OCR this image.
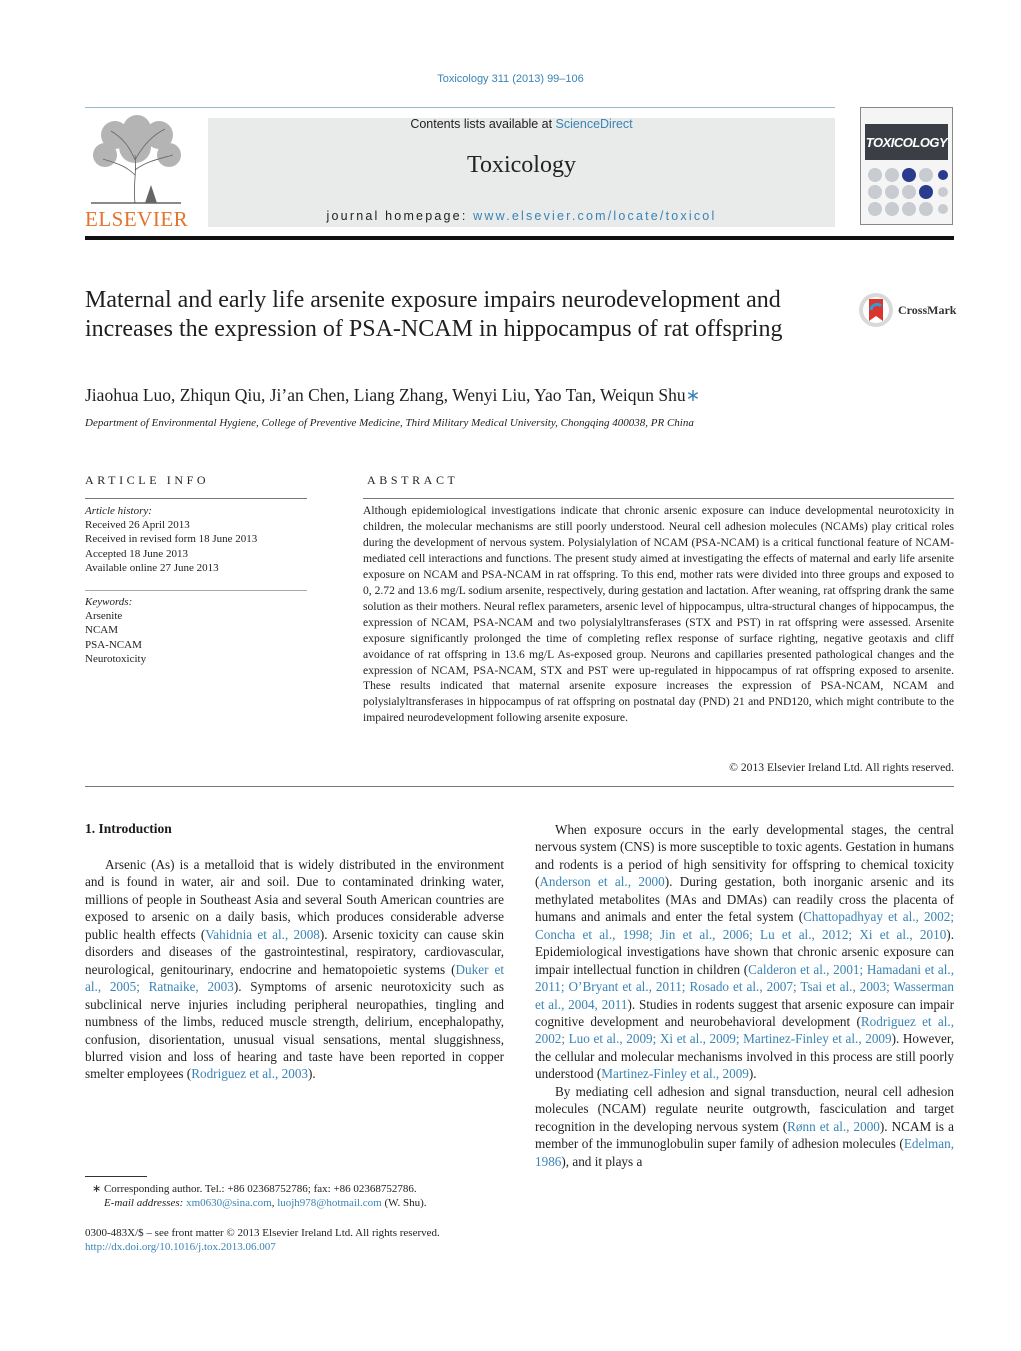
Toxicology 311 (2013) 99–106
ELSEVIER
Contents lists available at ScienceDirect
Toxicology
journal homepage: www.elsevier.com/locate/toxicol
TOXICOLOGY
Maternal and early life arsenite exposure impairs neurodevelopment and increases the expression of PSA-NCAM in hippocampus of rat offspring
CrossMark
Jiaohua Luo, Zhiqun Qiu, Ji’an Chen, Liang Zhang, Wenyi Liu, Yao Tan, Weiqun Shu∗
Department of Environmental Hygiene, College of Preventive Medicine, Third Military Medical University, Chongqing 400038, PR China
ARTICLE INFO
Article history:
Received 26 April 2013
Received in revised form 18 June 2013
Accepted 18 June 2013
Available online 27 June 2013
Keywords:
Arsenite
NCAM
PSA-NCAM
Neurotoxicity
ABSTRACT
Although epidemiological investigations indicate that chronic arsenic exposure can induce developmental neurotoxicity in children, the molecular mechanisms are still poorly understood. Neural cell adhesion molecules (NCAMs) play critical roles during the development of nervous system. Polysialylation of NCAM (PSA-NCAM) is a critical functional feature of NCAM-mediated cell interactions and functions. The present study aimed at investigating the effects of maternal and early life arsenite exposure on NCAM and PSA-NCAM in rat offspring. To this end, mother rats were divided into three groups and exposed to 0, 2.72 and 13.6 mg/L sodium arsenite, respectively, during gestation and lactation. After weaning, rat offspring drank the same solution as their mothers. Neural reflex parameters, arsenic level of hippocampus, ultra-structural changes of hippocampus, the expression of NCAM, PSA-NCAM and two polysialyltransferases (STX and PST) in rat offspring were assessed. Arsenite exposure significantly prolonged the time of completing reflex response of surface righting, negative geotaxis and cliff avoidance of rat offspring in 13.6 mg/L As-exposed group. Neurons and capillaries presented pathological changes and the expression of NCAM, PSA-NCAM, STX and PST were up-regulated in hippocampus of rat offspring exposed to arsenite. These results indicated that maternal arsenite exposure increases the expression of PSA-NCAM, NCAM and polysialyltransferases in hippocampus of rat offspring on postnatal day (PND) 21 and PND120, which might contribute to the impaired neurodevelopment following arsenite exposure.
© 2013 Elsevier Ireland Ltd. All rights reserved.
1. Introduction

Arsenic (As) is a metalloid that is widely distributed in the environment and is found in water, air and soil. Due to contaminated drinking water, millions of people in Southeast Asia and several South American countries are exposed to arsenic on a daily basis, which produces considerable adverse public health effects (Vahidnia et al., 2008). Arsenic toxicity can cause skin disorders and diseases of the gastrointestinal, respiratory, cardiovascular, neurological, genitourinary, endocrine and hematopoietic systems (Duker et al., 2005; Ratnaike, 2003). Symptoms of arsenic neurotoxicity such as subclinical nerve injuries including peripheral neuropathies, tingling and numbness of the limbs, reduced muscle strength, delirium, encephalopathy, confusion, disorientation, unusual visual sensations, mental sluggishness, blurred vision and loss of hearing and taste have been reported in copper smelter employees (Rodriguez et al., 2003).

When exposure occurs in the early developmental stages, the central nervous system (CNS) is more susceptible to toxic agents. Gestation in humans and rodents is a period of high sensitivity for offspring to chemical toxicity (Anderson et al., 2000). During gestation, both inorganic arsenic and its methylated metabolites (MAs and DMAs) can readily cross the placenta of humans and animals and enter the fetal system (Chattopadhyay et al., 2002; Concha et al., 1998; Jin et al., 2006; Lu et al., 2012; Xi et al., 2010). Epidemiological investigations have shown that chronic arsenic exposure can impair intellectual function in children (Calderon et al., 2001; Hamadani et al., 2011; O’Bryant et al., 2011; Rosado et al., 2007; Tsai et al., 2003; Wasserman et al., 2004, 2011). Studies in rodents suggest that arsenic exposure can impair cognitive development and neurobehavioral development (Rodriguez et al., 2002; Luo et al., 2009; Xi et al., 2009; Martinez-Finley et al., 2009). However, the cellular and molecular mechanisms involved in this process are still poorly understood (Martinez-Finley et al., 2009).

By mediating cell adhesion and signal transduction, neural cell adhesion molecules (NCAM) regulate neurite outgrowth, fasciculation and target recognition in the developing nervous system (Rønn et al., 2000). NCAM is a member of the immunoglobulin super family of adhesion molecules (Edelman, 1986), and it plays a

∗ Corresponding author. Tel.: +86 02368752786; fax: +86 02368752786.
E-mail addresses: xm0630@sina.com, luojh978@hotmail.com (W. Shu).
0300-483X/$ – see front matter © 2013 Elsevier Ireland Ltd. All rights reserved.
http://dx.doi.org/10.1016/j.tox.2013.06.007
